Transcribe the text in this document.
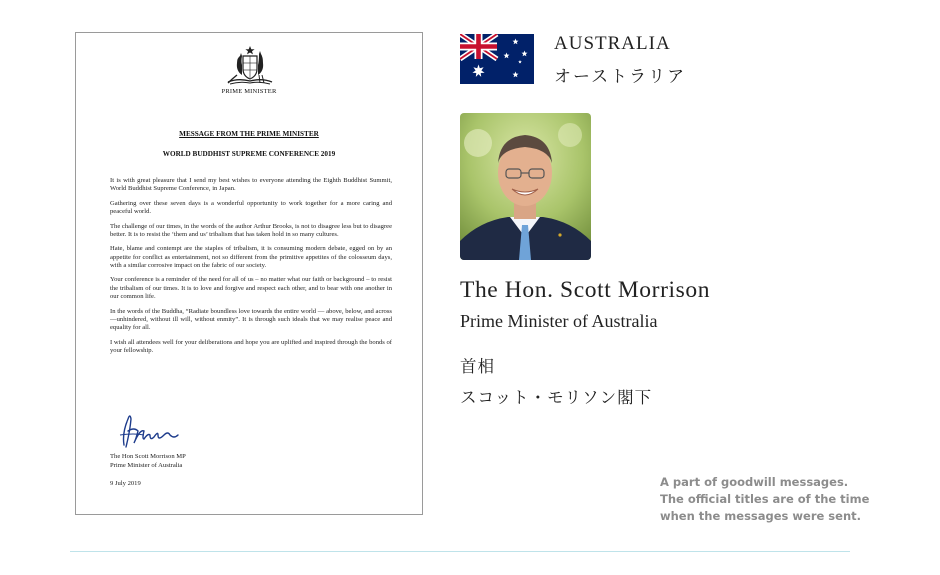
PRIME MINISTER
MESSAGE FROM THE PRIME MINISTER
WORLD BUDDHIST SUPREME CONFERENCE 2019

It is with great pleasure that I send my best wishes to everyone attending the Eighth Buddhist Summit, World Buddhist Supreme Conference, in Japan.

Gathering over these seven days is a wonderful opportunity to work together for a more caring and peaceful world.

The challenge of our times, in the words of the author Arthur Brooks, is not to disagree less but to disagree better. It is to resist the ‘them and us’ tribalism that has taken hold in so many cultures.

Hate, blame and contempt are the staples of tribalism, it is consuming modern debate, egged on by an appetite for conflict as entertainment, not so different from the primitive appetites of the colosseum days, with a similar corrosive impact on the fabric of our society.

Your conference is a reminder of the need for all of us – no matter what our faith or background – to resist the tribalism of our times. It is to love and forgive and respect each other, and to bear with one another in our common life.

In the words of the Buddha, “Radiate boundless love towards the entire world — above, below, and across—unhindered, without ill will, without enmity”. It is through such ideals that we may realise peace and equality for all.

I wish all attendees well for your deliberations and hope you are uplifted and inspired through the bonds of your fellowship.

The Hon Scott Morrison MP
Prime Minister of Australia
9 July 2019
AUSTRALIA
オーストラリア
The Hon. Scott Morrison
Prime Minister of Australia
首相
スコット・モリソン閣下
A part of goodwill messages.
The official titles are of the time
when the messages were sent.
